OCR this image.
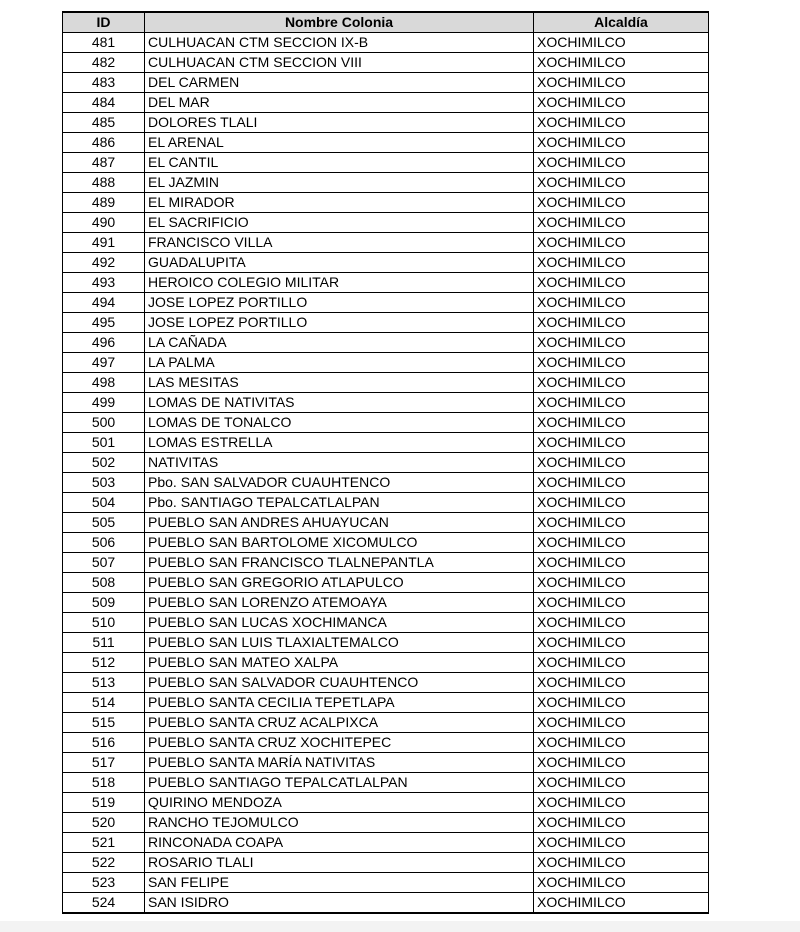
ID	Nombre Colonia	Alcaldía
481	CULHUACAN CTM SECCION IX-B	XOCHIMILCO
482	CULHUACAN CTM SECCION VIII	XOCHIMILCO
483	DEL CARMEN	XOCHIMILCO
484	DEL MAR	XOCHIMILCO
485	DOLORES TLALI	XOCHIMILCO
486	EL ARENAL	XOCHIMILCO
487	EL CANTIL	XOCHIMILCO
488	EL JAZMIN	XOCHIMILCO
489	EL MIRADOR	XOCHIMILCO
490	EL SACRIFICIO	XOCHIMILCO
491	FRANCISCO VILLA	XOCHIMILCO
492	GUADALUPITA	XOCHIMILCO
493	HEROICO COLEGIO MILITAR	XOCHIMILCO
494	JOSE LOPEZ PORTILLO	XOCHIMILCO
495	JOSE LOPEZ PORTILLO	XOCHIMILCO
496	LA CAÑADA	XOCHIMILCO
497	LA PALMA	XOCHIMILCO
498	LAS MESITAS	XOCHIMILCO
499	LOMAS DE NATIVITAS	XOCHIMILCO
500	LOMAS DE TONALCO	XOCHIMILCO
501	LOMAS ESTRELLA	XOCHIMILCO
502	NATIVITAS	XOCHIMILCO
503	Pbo. SAN SALVADOR CUAUHTENCO	XOCHIMILCO
504	Pbo. SANTIAGO TEPALCATLALPAN	XOCHIMILCO
505	PUEBLO SAN ANDRES AHUAYUCAN	XOCHIMILCO
506	PUEBLO SAN BARTOLOME XICOMULCO	XOCHIMILCO
507	PUEBLO SAN FRANCISCO TLALNEPANTLA	XOCHIMILCO
508	PUEBLO SAN GREGORIO ATLAPULCO	XOCHIMILCO
509	PUEBLO SAN LORENZO ATEMOAYA	XOCHIMILCO
510	PUEBLO SAN LUCAS XOCHIMANCA	XOCHIMILCO
511	PUEBLO SAN LUIS TLAXIALTEMALCO	XOCHIMILCO
512	PUEBLO SAN MATEO XALPA	XOCHIMILCO
513	PUEBLO SAN SALVADOR CUAUHTENCO	XOCHIMILCO
514	PUEBLO SANTA CECILIA TEPETLAPA	XOCHIMILCO
515	PUEBLO SANTA CRUZ ACALPIXCA	XOCHIMILCO
516	PUEBLO SANTA CRUZ XOCHITEPEC	XOCHIMILCO
517	PUEBLO SANTA MARÍA NATIVITAS	XOCHIMILCO
518	PUEBLO SANTIAGO TEPALCATLALPAN	XOCHIMILCO
519	QUIRINO MENDOZA	XOCHIMILCO
520	RANCHO TEJOMULCO	XOCHIMILCO
521	RINCONADA COAPA	XOCHIMILCO
522	ROSARIO TLALI	XOCHIMILCO
523	SAN FELIPE	XOCHIMILCO
524	SAN ISIDRO	XOCHIMILCO
